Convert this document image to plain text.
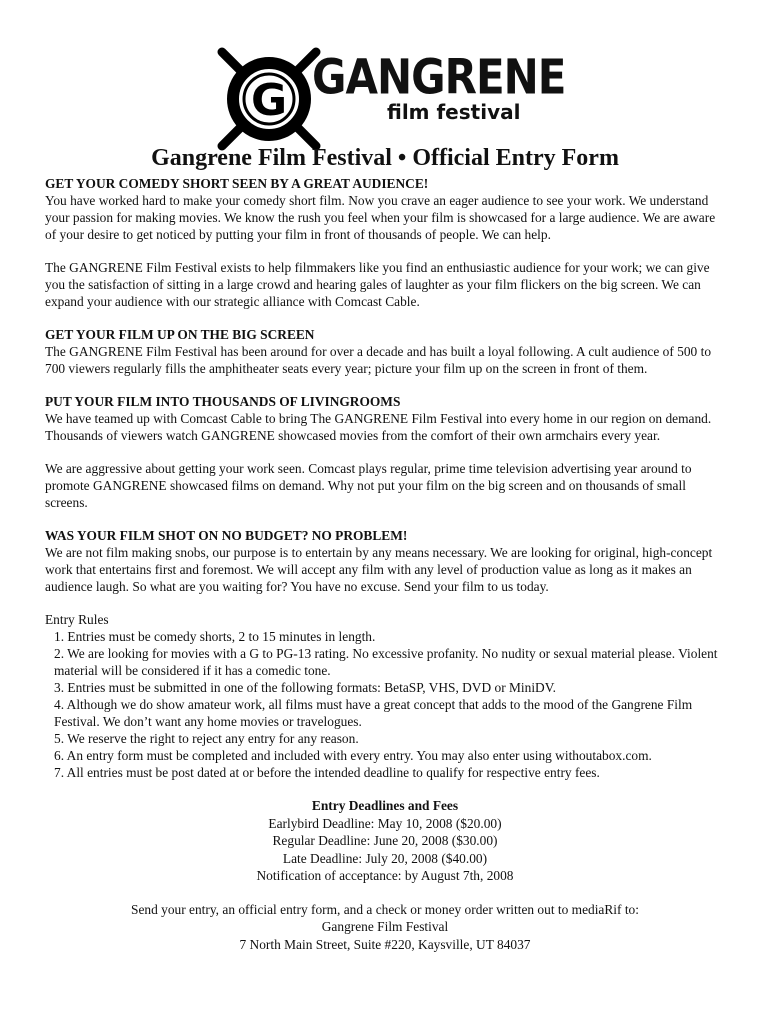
G GANGRENE
film festival
Gangrene Film Festival • Official Entry Form
GET YOUR COMEDY SHORT SEEN BY A GREAT AUDIENCE!

You have worked hard to make your comedy short film. Now you crave an eager audience to see your work. We understand your passion for making movies. We know the rush you feel when your film is showcased for a large audience. We are aware of your desire to get noticed by putting your film in front of thousands of people. We can help.

The GANGRENE Film Festival exists to help filmmakers like you find an enthusiastic audience for your work; we can give you the satisfaction of sitting in a large crowd and hearing gales of laughter as your film flickers on the big screen. We can expand your audience with our strategic alliance with Comcast Cable.

GET YOUR FILM UP ON THE BIG SCREEN

The GANGRENE Film Festival has been around for over a decade and has built a loyal following. A cult audience of 500 to 700 viewers regularly fills the amphitheater seats every year; picture your film up on the screen in front of them.

PUT YOUR FILM INTO THOUSANDS OF LIVINGROOMS

We have teamed up with Comcast Cable to bring The GANGRENE Film Festival into every home in our region on demand. Thousands of viewers watch GANGRENE showcased movies from the comfort of their own armchairs every year.

We are aggressive about getting your work seen. Comcast plays regular, prime time television advertising year around to promote GANGRENE showcased films on demand. Why not put your film on the big screen and on thousands of small screens.

WAS YOUR FILM SHOT ON NO BUDGET? NO PROBLEM!

We are not film making snobs, our purpose is to entertain by any means necessary. We are looking for original, high-concept work that entertains first and foremost. We will accept any film with any level of production value as long as it makes an audience laugh. So what are you waiting for? You have no excuse. Send your film to us today.

Entry Rules
1. Entries must be comedy shorts, 2 to 15 minutes in length.
2. We are looking for movies with a G to PG-13 rating. No excessive profanity. No nudity or sexual material please. Violent material will be considered if it has a comedic tone.
3. Entries must be submitted in one of the following formats: BetaSP, VHS, DVD or MiniDV.
4. Although we do show amateur work, all films must have a great concept that adds to the mood of the Gangrene Film Festival. We don’t want any home movies or travelogues.
5. We reserve the right to reject any entry for any reason.
6. An entry form must be completed and included with every entry. You may also enter using withoutabox.com.
7. All entries must be post dated at or before the intended deadline to qualify for respective entry fees.
Entry Deadlines and Fees
Earlybird Deadline: May 10, 2008 ($20.00)
Regular Deadline: June 20, 2008 ($30.00)
Late Deadline: July 20, 2008 ($40.00)
Notification of acceptance: by August 7th, 2008
Send your entry, an official entry form, and a check or money order written out to mediaRif to:
Gangrene Film Festival
7 North Main Street, Suite #220, Kaysville, UT 84037
